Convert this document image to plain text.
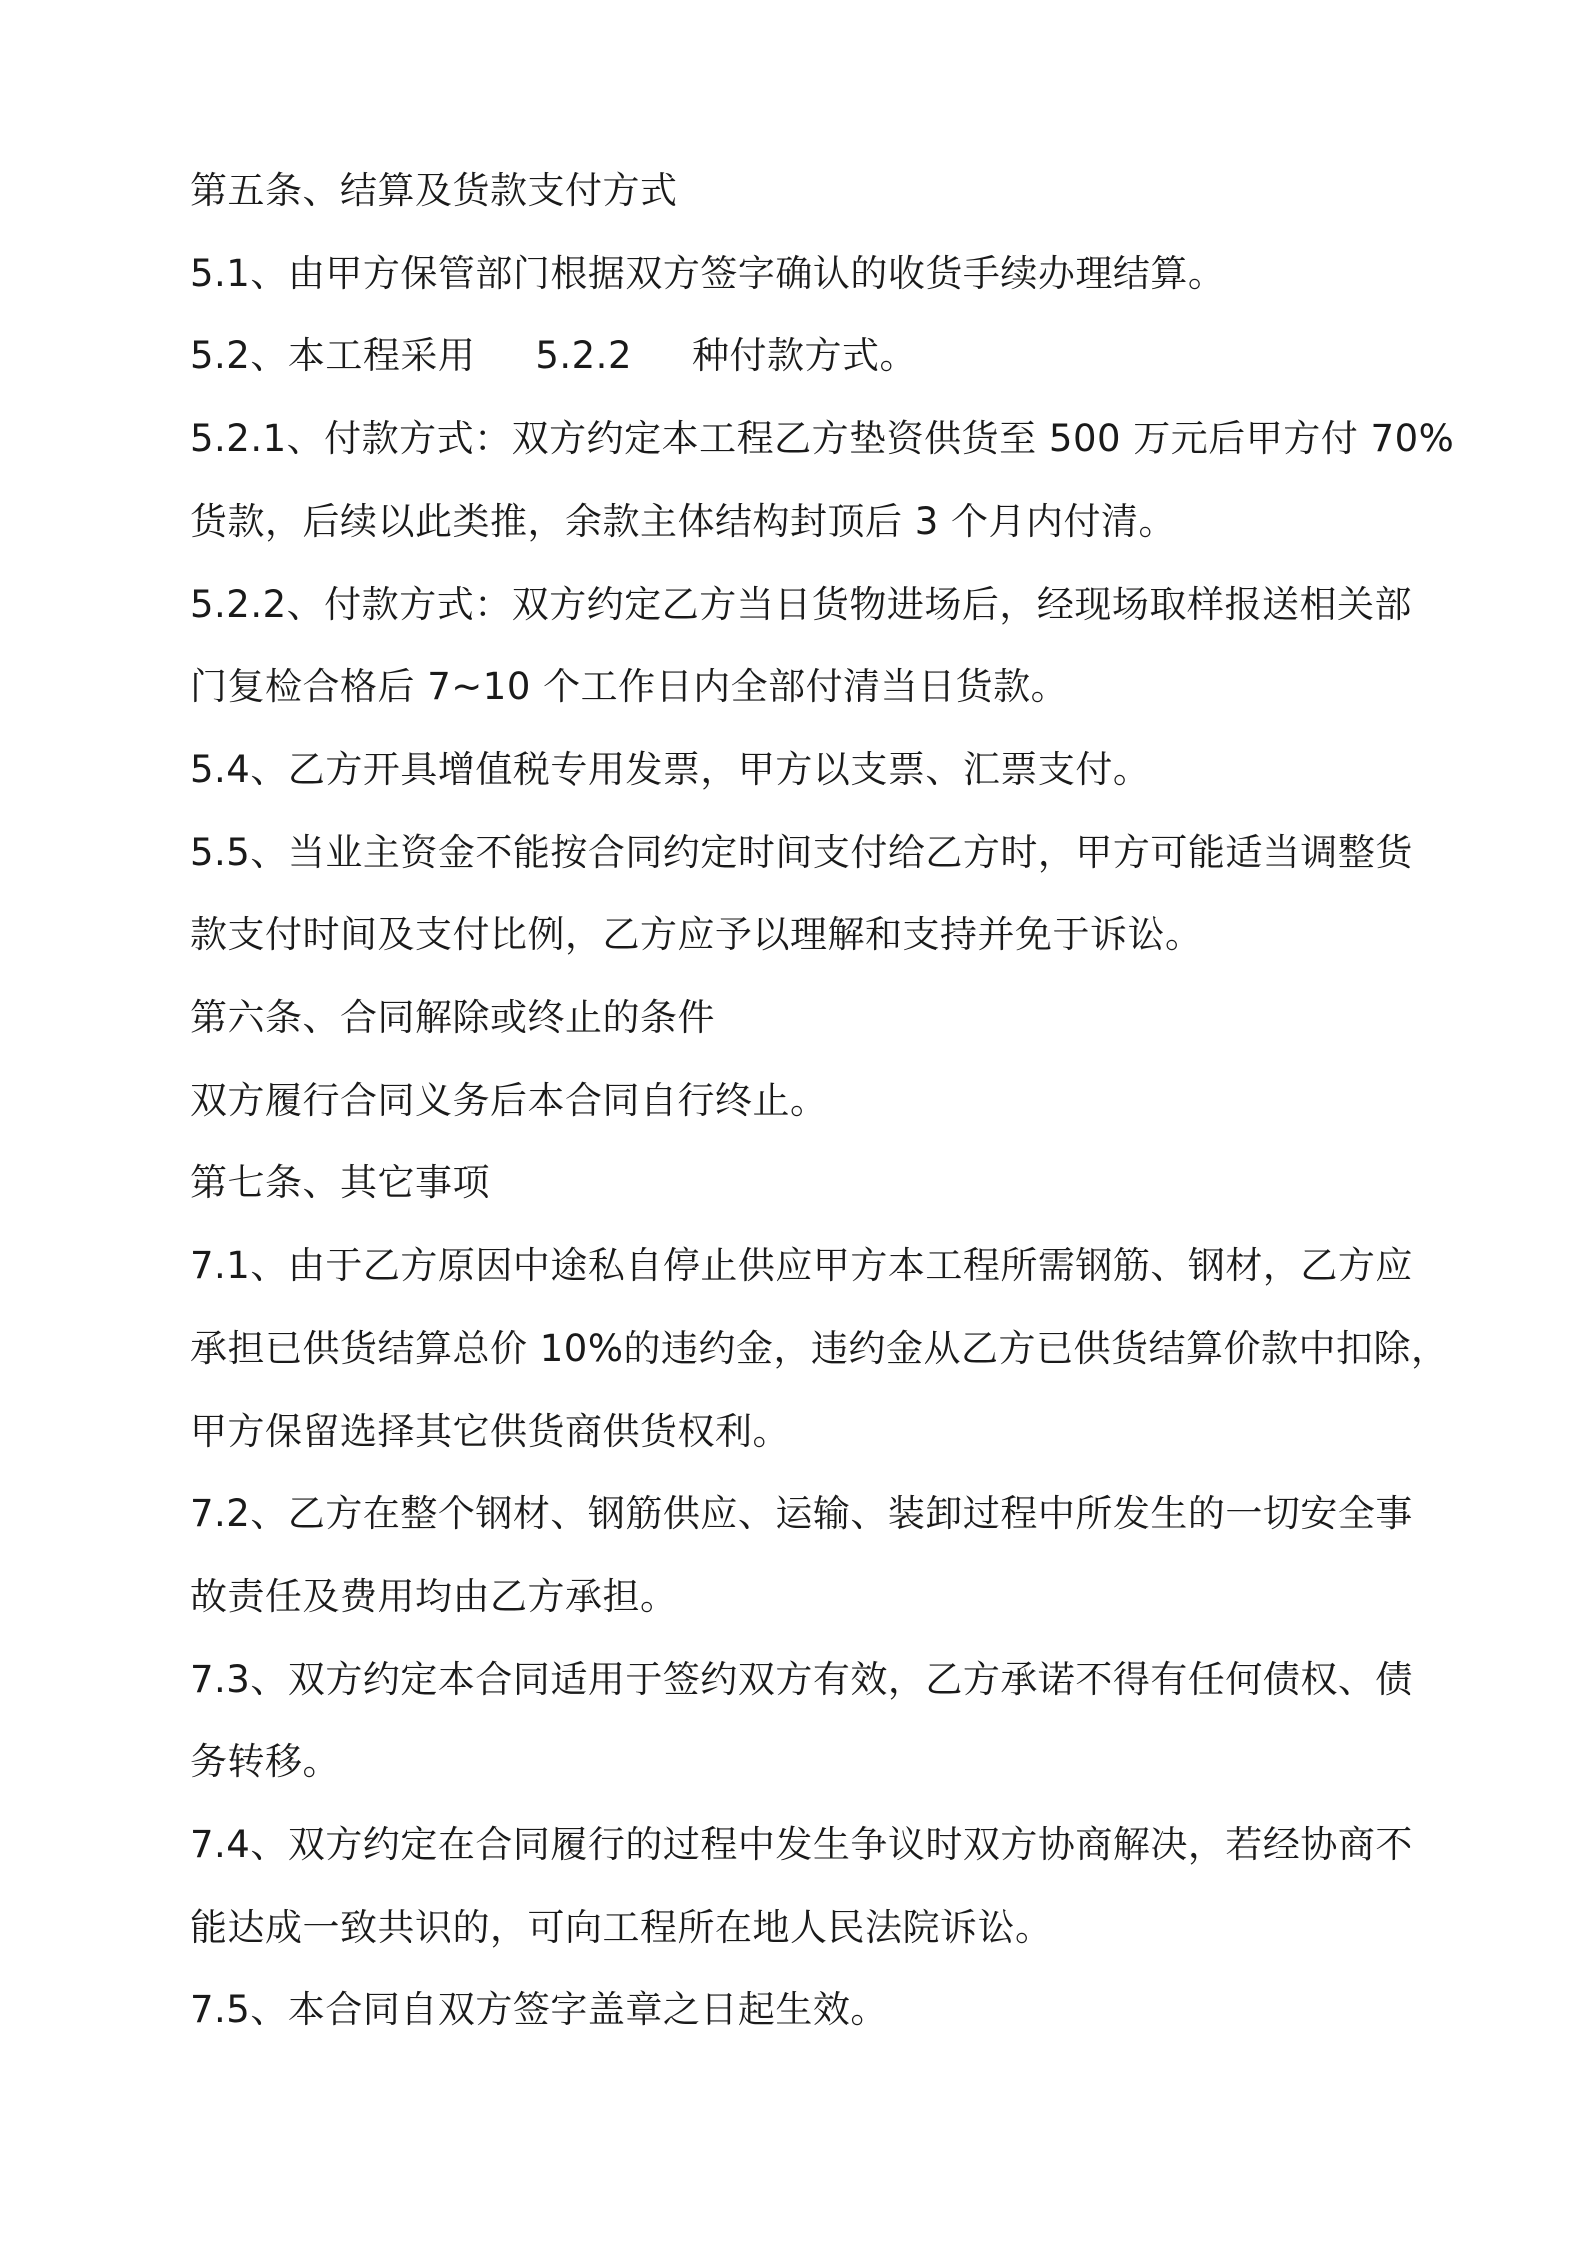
第五条、结算及货款支付方式

5.1、由甲方保管部门根据双方签字确认的收货手续办理结算。

5.2、本工程采用 5.2.2 种付款方式。

5.2.1、付款方式：双方约定本工程乙方垫资供货至 500 万元后甲方付 70%

货款，后续以此类推，余款主体结构封顶后 3 个月内付清。

5.2.2、付款方式：双方约定乙方当日货物进场后，经现场取样报送相关部

门复检合格后 7~10 个工作日内全部付清当日货款。

5.4、乙方开具增值税专用发票，甲方以支票、汇票支付。

5.5、当业主资金不能按合同约定时间支付给乙方时，甲方可能适当调整货

款支付时间及支付比例，乙方应予以理解和支持并免于诉讼。

第六条、合同解除或终止的条件

双方履行合同义务后本合同自行终止。

第七条、其它事项

7.1、由于乙方原因中途私自停止供应甲方本工程所需钢筋、钢材，乙方应

承担已供货结算总价 10%的违约金，违约金从乙方已供货结算价款中扣除，

甲方保留选择其它供货商供货权利。

7.2、乙方在整个钢材、钢筋供应、运输、装卸过程中所发生的一切安全事

故责任及费用均由乙方承担。

7.3、双方约定本合同适用于签约双方有效，乙方承诺不得有任何债权、债

务转移。

7.4、双方约定在合同履行的过程中发生争议时双方协商解决，若经协商不

能达成一致共识的，可向工程所在地人民法院诉讼。

7.5、本合同自双方签字盖章之日起生效。
